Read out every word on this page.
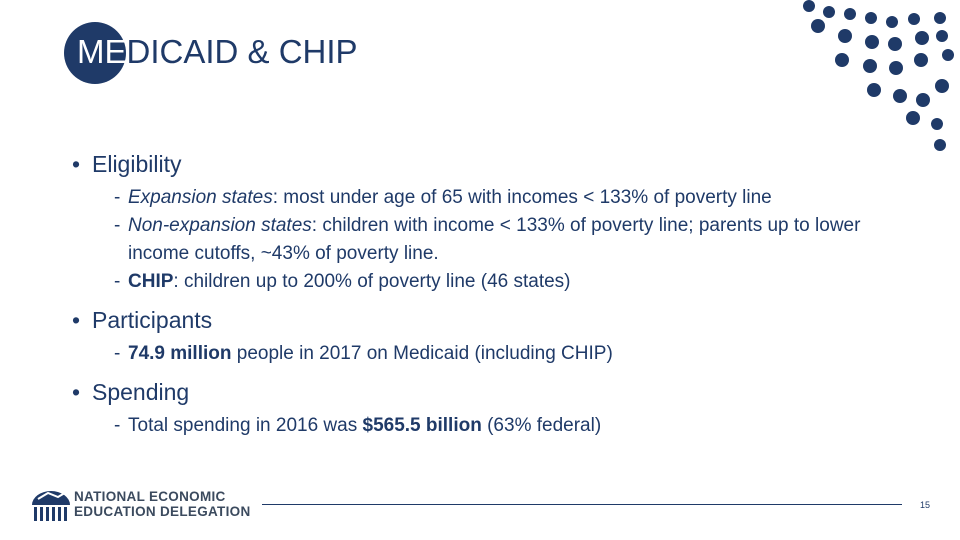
MEDICAID & CHIP
• Eligibility
- Expansion states: most under age of 65 with incomes < 133% of poverty line
- Non-expansion states: children with income < 133% of poverty line; parents up to lower income cutoffs, ~43% of poverty line.
- CHIP: children up to 200% of poverty line (46 states)
• Participants
- 74.9 million people in 2017 on Medicaid (including CHIP)
• Spending
- Total spending in 2016 was $565.5 billion (63% federal)
NATIONAL ECONOMIC
EDUCATION DELEGATION	15
